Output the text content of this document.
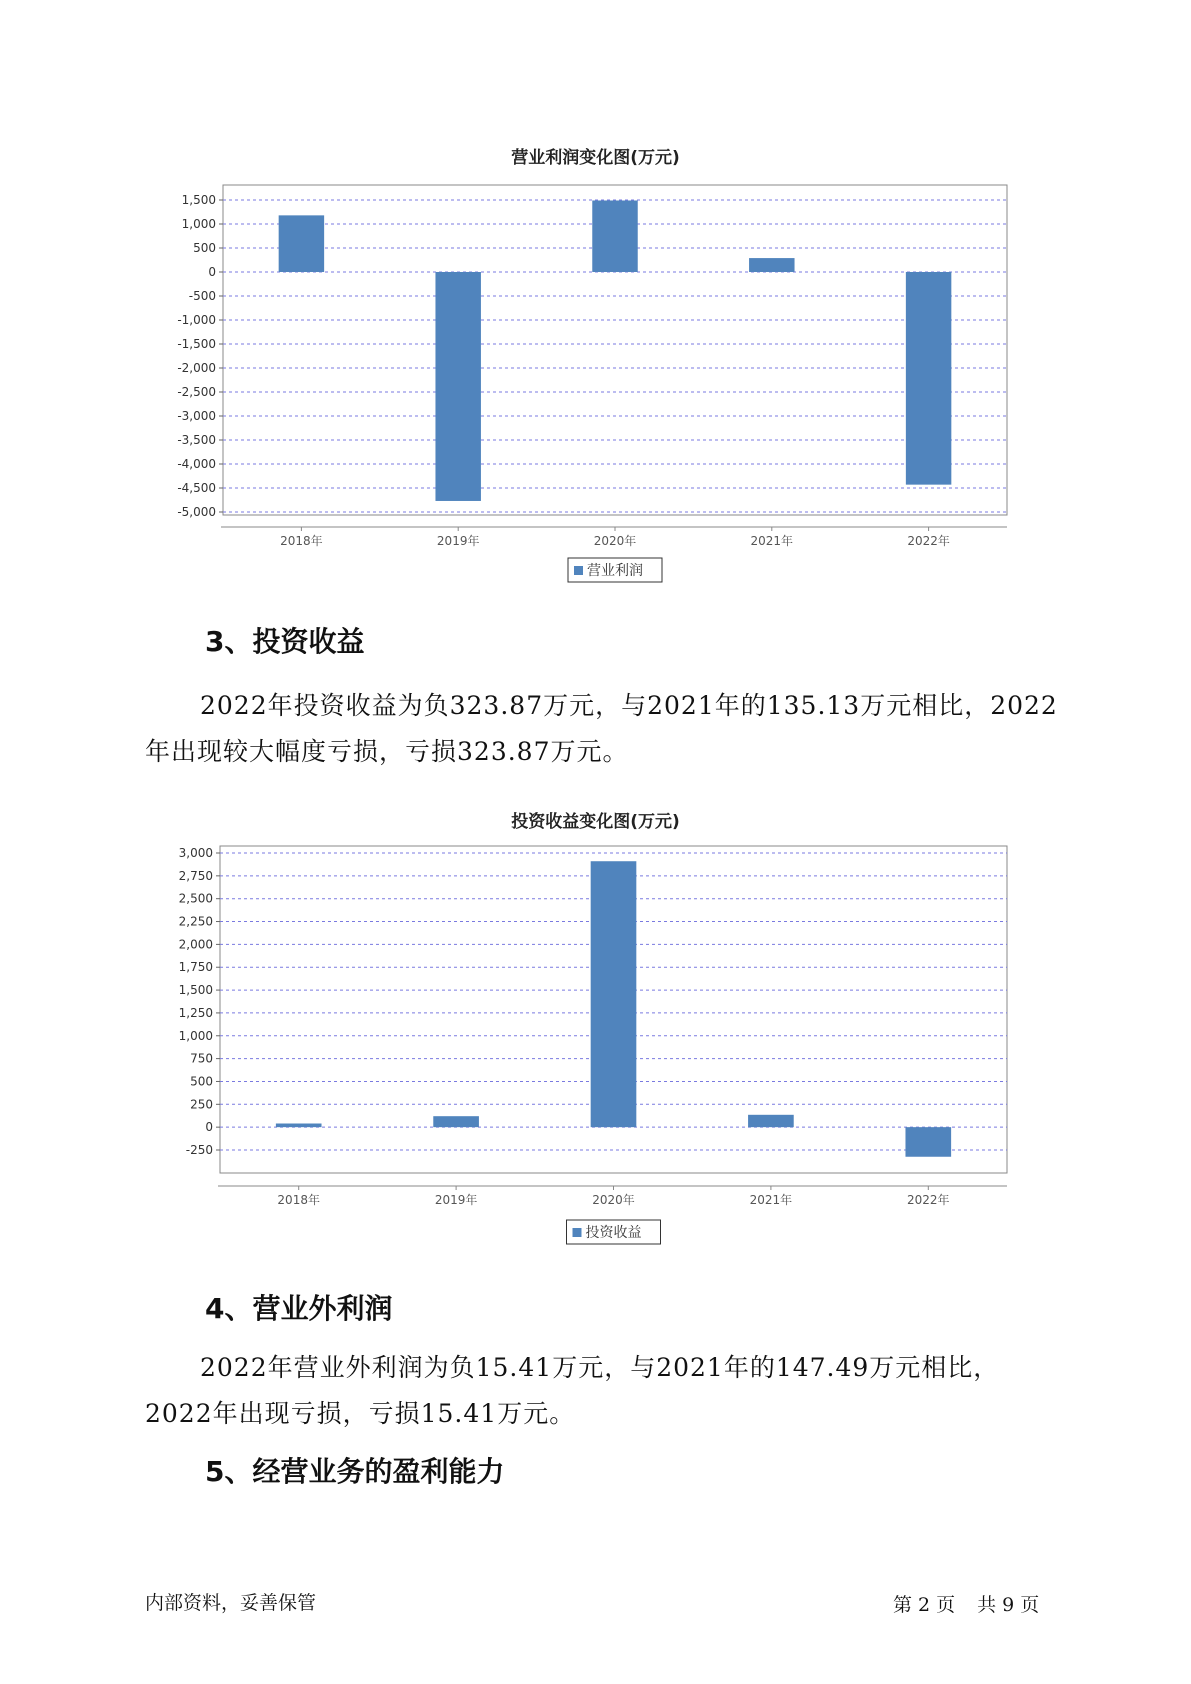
营业利润变化图(万元)
1,500
1,000
500
0
-500
-1,000
-1,500
-2,000
-2,500
-3,000
-3,500
-4,000
-4,500
-5,000
2018年	2019年	2020年	2021年	2022年
营业利润
3、投资收益

2022年投资收益为负323.87万元，与2021年的135.13万元相比，2022年出现较大幅度亏损，亏损323.87万元。

投资收益变化图(万元)
3,000
2,750
2,500
2,250
2,000
1,750
1,500
1,250
1,000
750
500
250
0
-250
2018年	2019年	2020年	2021年	2022年
投资收益
4、营业外利润

2022年营业外利润为负15.41万元，与2021年的147.49万元相比，2022年出现亏损，亏损15.41万元。

5、经营业务的盈利能力
内部资料，妥善保管	第 2 页 共 9 页
